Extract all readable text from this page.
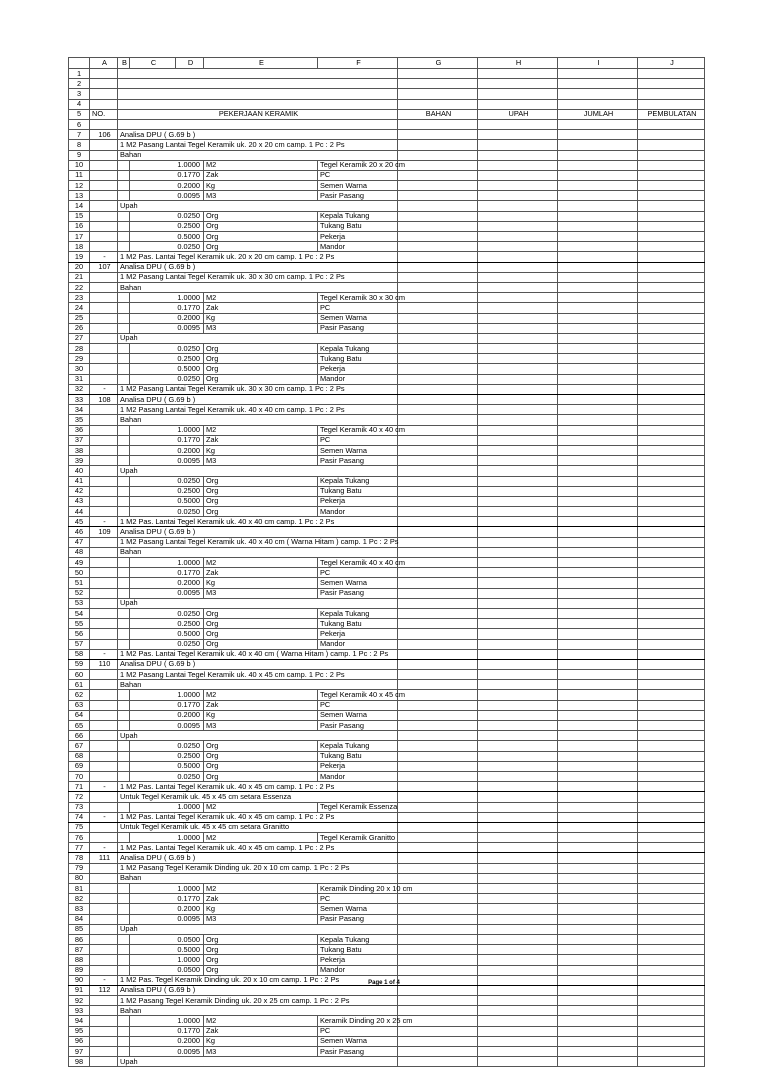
	A	B	C	D	E	F	G	H	I	J
1										
2										
3										
4										
5	NO.	PEKERJAAN KERAMIK					BAHAN	UPAH	JUMLAH	PEMBULATAN
6										
7	106	Analisa DPU ( G.69 b )								
8		1 M2 Pasang Lantai Tegel Keramik uk. 20 x 20 cm camp. 1 Pc : 2 Ps								
9		Bahan								
10			1.0000		M2	Tegel Keramik 20 x 20 cm				
11			0.1770		Zak	PC				
12			0.2000		Kg	Semen Warna				
13			0.0095		M3	Pasir Pasang				
14		Upah								
15			0.0250		Org	Kepala Tukang				
16			0.2500		Org	Tukang Batu				
17			0.5000		Org	Pekerja				
18			0.0250		Org	Mandor				
19	-	1 M2 Pas. Lantai Tegel Keramik uk. 20 x 20 cm camp. 1 Pc : 2 Ps								
20	107	Analisa DPU ( G.69 b )								
21		1 M2 Pasang Lantai Tegel Keramik uk. 30 x 30 cm camp. 1 Pc : 2 Ps								
22		Bahan								
23			1.0000		M2	Tegel Keramik 30 x 30 cm				
24			0.1770		Zak	PC				
25			0.2000		Kg	Semen Warna				
26			0.0095		M3	Pasir Pasang				
27		Upah								
28			0.0250		Org	Kepala Tukang				
29			0.2500		Org	Tukang Batu				
30			0.5000		Org	Pekerja				
31			0.0250		Org	Mandor				
32	-	1 M2 Pasang Lantai Tegel Keramik uk. 30 x 30 cm camp. 1 Pc : 2 Ps								
33	108	Analisa DPU ( G.69 b )								
34		1 M2 Pasang Lantai Tegel Keramik uk. 40 x 40 cm camp. 1 Pc : 2 Ps								
35		Bahan								
36			1.0000		M2	Tegel Keramik 40 x 40 cm				
37			0.1770		Zak	PC				
38			0.2000		Kg	Semen Warna				
39			0.0095		M3	Pasir Pasang				
40		Upah								
41			0.0250		Org	Kepala Tukang				
42			0.2500		Org	Tukang Batu				
43			0.5000		Org	Pekerja				
44			0.0250		Org	Mandor				
45	-	1 M2 Pas. Lantai Tegel Keramik uk. 40 x 40 cm camp. 1 Pc : 2 Ps								
46	109	Analisa DPU ( G.69 b )								
47		1 M2 Pasang Lantai Tegel Keramik uk. 40 x 40 cm ( Warna Hitam ) camp. 1 Pc : 2 Ps								
48		Bahan								
49			1.0000		M2	Tegel Keramik 40 x 40 cm				
50			0.1770		Zak	PC				
51			0.2000		Kg	Semen Warna				
52			0.0095		M3	Pasir Pasang				
53		Upah								
54			0.0250		Org	Kepala Tukang				
55			0.2500		Org	Tukang Batu				
56			0.5000		Org	Pekerja				
57			0.0250		Org	Mandor				
58	-	1 M2 Pas. Lantai Tegel Keramik uk. 40 x 40 cm ( Warna Hitam ) camp. 1 Pc : 2 Ps								
59	110	Analisa DPU ( G.69 b )								
60		1 M2 Pasang Lantai Tegel Keramik uk. 40 x 45 cm camp. 1 Pc : 2 Ps								
61		Bahan								
62			1.0000		M2	Tegel Keramik 40 x 45 cm				
63			0.1770		Zak	PC				
64			0.2000		Kg	Semen Warna				
65			0.0095		M3	Pasir Pasang				
66		Upah								
67			0.0250		Org	Kepala Tukang				
68			0.2500		Org	Tukang Batu				
69			0.5000		Org	Pekerja				
70			0.0250		Org	Mandor				
71	-	1 M2 Pas. Lantai Tegel Keramik uk. 40 x 45 cm camp. 1 Pc : 2 Ps								
72		Untuk Tegel Keramik uk. 45 x 45 cm setara Essenza								
73			1.0000		M2	Tegel Keramik Essenza				
74	-	1 M2 Pas. Lantai Tegel Keramik uk. 40 x 45 cm camp. 1 Pc : 2 Ps								
75		Untuk Tegel Keramik uk. 45 x 45 cm setara Granitto								
76			1.0000		M2	Tegel Keramik Granitto				
77	-	1 M2 Pas. Lantai Tegel Keramik uk. 40 x 45 cm camp. 1 Pc : 2 Ps								
78	111	Analisa DPU ( G.69 b )								
79		1 M2 Pasang Tegel Keramik Dinding uk. 20 x 10 cm camp. 1 Pc : 2 Ps								
80		Bahan								
81			1.0000		M2	Keramik Dinding 20 x 10 cm				
82			0.1770		Zak	PC				
83			0.2000		Kg	Semen Warna				
84			0.0095		M3	Pasir Pasang				
85		Upah								
86			0.0500		Org	Kepala Tukang				
87			0.5000		Org	Tukang Batu				
88			1.0000		Org	Pekerja				
89			0.0500		Org	Mandor				
90	-	1 M2 Pas. Tegel Keramik Dinding uk. 20 x 10 cm camp. 1 Pc : 2 Ps								
91	112	Analisa DPU ( G.69 b )								
92		1 M2 Pasang Tegel Keramik Dinding uk. 20 x 25 cm camp. 1 Pc : 2 Ps								
93		Bahan								
94			1.0000		M2	Keramik Dinding 20 x 25 cm				
95			0.1770		Zak	PC				
96			0.2000		Kg	Semen Warna				
97			0.0095		M3	Pasir Pasang				
98		Upah								
Page 1 of 4
